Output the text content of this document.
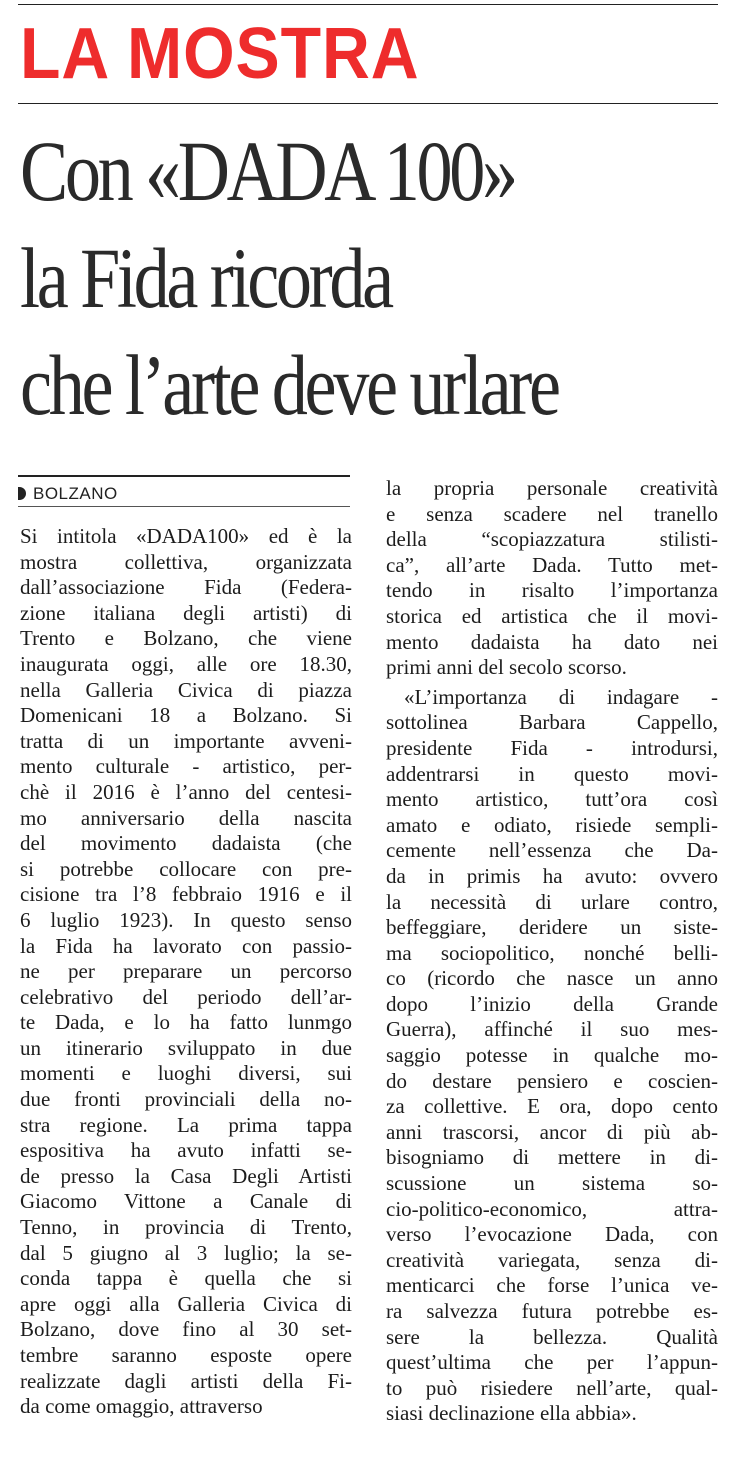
LA MOSTRA
Con «DADA 100»
la Fida ricorda
che l’arte deve urlare

BOLZANO

Si intitola «DADA100» ed è la
mostra collettiva, organizzata
dall’associazione Fida (Federa-
zione italiana degli artisti) di
Trento e Bolzano, che viene
inaugurata oggi, alle ore 18.30,
nella Galleria Civica di piazza
Domenicani 18 a Bolzano. Si
tratta di un importante avveni-
mento culturale - artistico, per-
chè il 2016 è l’anno del centesi-
mo anniversario della nascita
del movimento dadaista (che
si potrebbe collocare con pre-
cisione tra l’8 febbraio 1916 e il
6 luglio 1923). In questo senso
la Fida ha lavorato con passio-
ne per preparare un percorso
celebrativo del periodo dell’ar-
te Dada, e lo ha fatto lunmgo
un itinerario sviluppato in due
momenti e luoghi diversi, sui
due fronti provinciali della no-
stra regione. La prima tappa
espositiva ha avuto infatti se-
de presso la Casa Degli Artisti
Giacomo Vittone a Canale di
Tenno, in provincia di Trento,
dal 5 giugno al 3 luglio; la se-
conda tappa è quella che si
apre oggi alla Galleria Civica di
Bolzano, dove fino al 30 set-
tembre saranno esposte opere
realizzate dagli artisti della Fi-
da come omaggio, attraverso
la propria personale creatività
e senza scadere nel tranello
della “scopiazzatura stilisti-
ca”, all’arte Dada. Tutto met-
tendo in risalto l’importanza
storica ed artistica che il movi-
mento dadaista ha dato nei
primi anni del secolo scorso.
«L’importanza di indagare -
sottolinea Barbara Cappello,
presidente Fida - introdursi,
addentrarsi in questo movi-
mento artistico, tutt’ora così
amato e odiato, risiede sempli-
cemente nell’essenza che Da-
da in primis ha avuto: ovvero
la necessità di urlare contro,
beffeggiare, deridere un siste-
ma sociopolitico, nonché belli-
co (ricordo che nasce un anno
dopo l’inizio della Grande
Guerra), affinché il suo mes-
saggio potesse in qualche mo-
do destare pensiero e coscien-
za collettive. E ora, dopo cento
anni trascorsi, ancor di più ab-
bisogniamo di mettere in di-
scussione un sistema so-
cio-politico-economico, attra-
verso l’evocazione Dada, con
creatività variegata, senza di-
menticarci che forse l’unica ve-
ra salvezza futura potrebbe es-
sere la bellezza. Qualità
quest’ultima che per l’appun-
to può risiedere nell’arte, qual-
siasi declinazione ella abbia».
